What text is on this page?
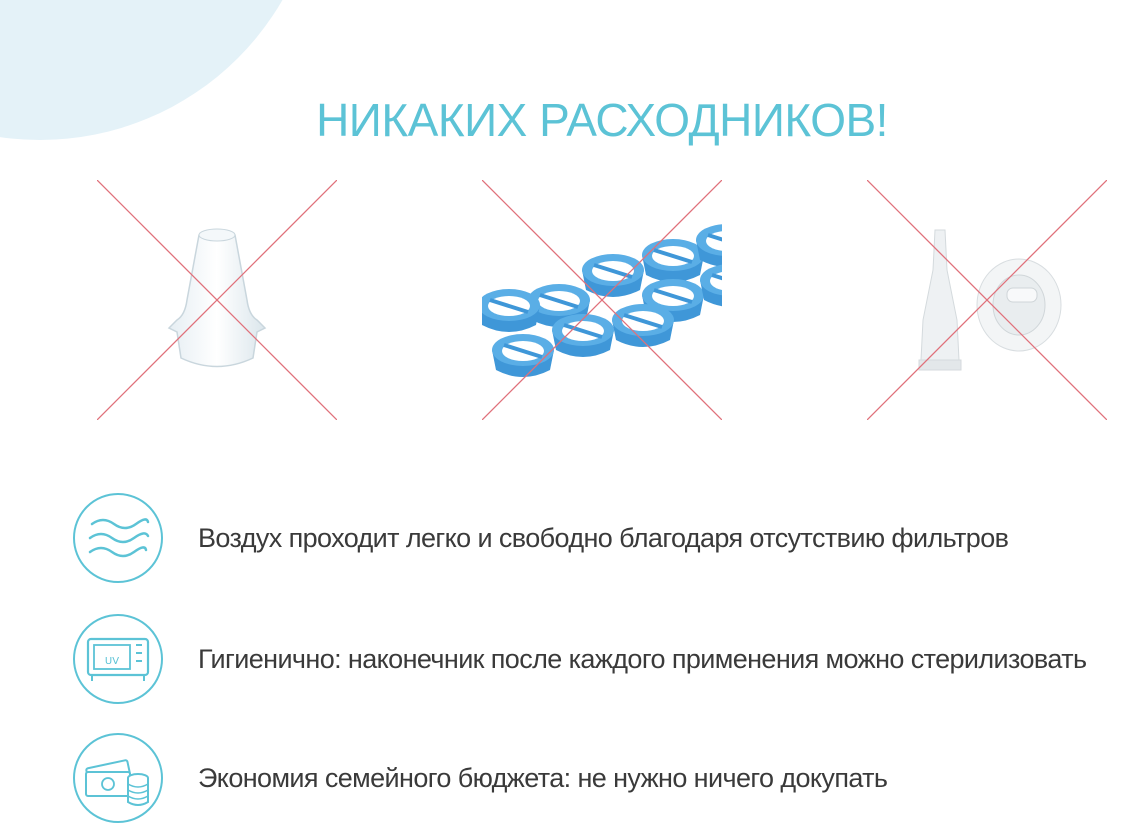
НИКАКИХ РАСХОДНИКОВ!
Воздух проходит легко и свободно благодаря отсутствию фильтров
UV	Гигиенично: наконечник после каждого применения можно стерилизовать
Экономия семейного бюджета: не нужно ничего докупать
